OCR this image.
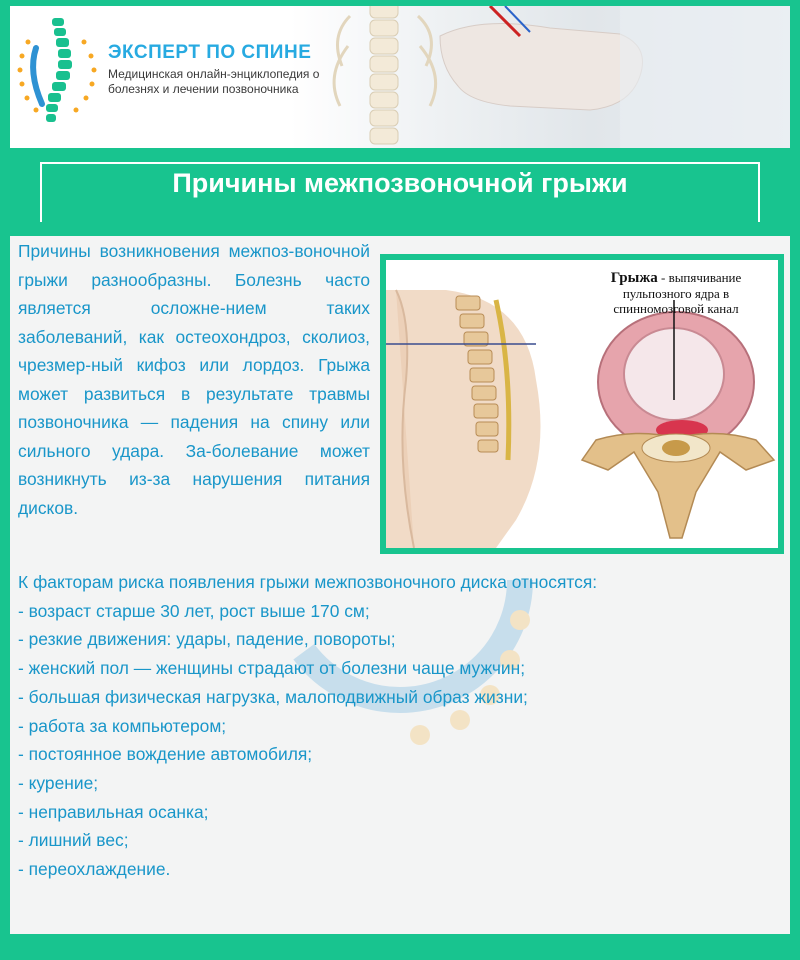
ЭКСПЕРТ ПО СПИНЕ
Медицинская онлайн-энциклопедия о болезнях и лечении позвоночника
Причины межпозвоночной грыжи

Причины возникновения межпоз-воночной грыжи разнообразны. Болезнь часто является осложне-нием таких заболеваний, как остеохондроз, сколиоз, чрезмер-ный кифоз или лордоз. Грыжа может развиться в результате травмы позвоночника — падения на спину или сильного удара. За-болевание может возникнуть из-за нарушения питания дисков.

Грыжа - выпячивание пульпозного ядра в спинномозговой канал
К факторам риска появления грыжи межпозвоночного диска относятся:
- возраст старше 30 лет, рост выше 170 см;
- резкие движения: удары, падение, повороты;
- женский пол — женщины страдают от болезни чаще мужчин;
- большая физическая нагрузка, малоподвижный образ жизни;
- работа за компьютером;
- постоянное вождение автомобиля;
- курение;
- неправильная осанка;
- лишний вес;
- переохлаждение.
